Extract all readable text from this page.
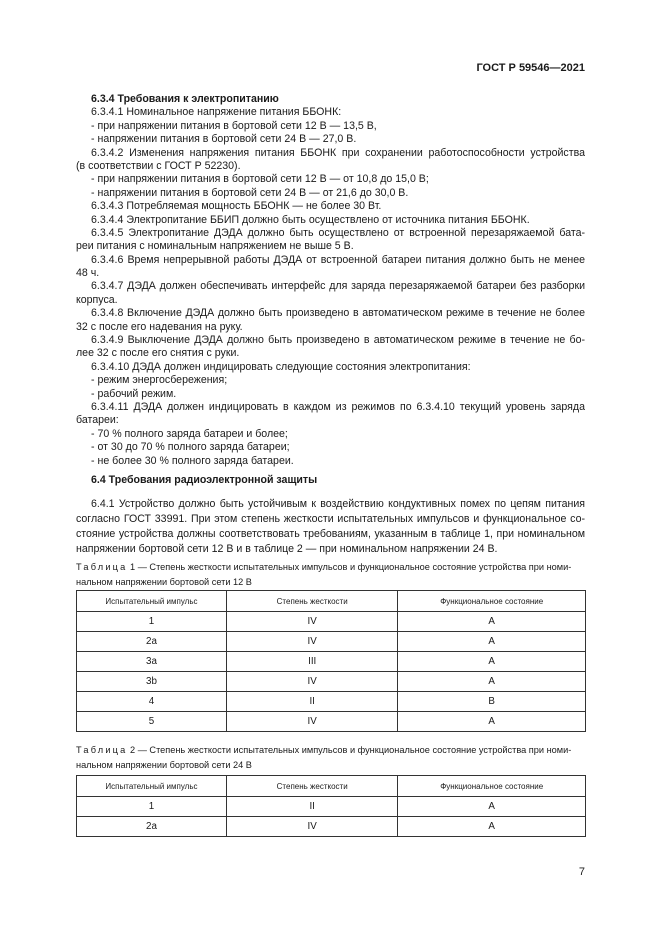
ГОСТ Р 59546—2021
6.3.4 Требования к электропитанию
6.3.4.1 Номинальное напряжение питания ББОНК:
- при напряжении питания в бортовой сети 12 В — 13,5 В,
- напряжении питания в бортовой сети 24 В — 27,0 В.
6.3.4.2 Изменения напряжения питания ББОНК при сохранении работоспособности устройства
(в соответствии с ГОСТ Р 52230).
- при напряжении питания в бортовой сети 12 В — от 10,8 до 15,0 В;
- напряжении питания в бортовой сети 24 В — от 21,6 до 30,0 В.
6.3.4.3 Потребляемая мощность ББОНК — не более 30 Вт.
6.3.4.4 Электропитание ББИП должно быть осуществлено от источника питания ББОНК.
6.3.4.5 Электропитание ДЭДА должно быть осуществлено от встроенной перезаряжаемой бата-
реи питания с номинальным напряжением не выше 5 В.
6.3.4.6 Время непрерывной работы ДЭДА от встроенной батареи питания должно быть не менее
48 ч.
6.3.4.7 ДЭДА должен обеспечивать интерфейс для заряда перезаряжаемой батареи без разборки
корпуса.
6.3.4.8 Включение ДЭДА должно быть произведено в автоматическом режиме в течение не более
32 с после его надевания на руку.
6.3.4.9 Выключение ДЭДА должно быть произведено в автоматическом режиме в течение не бо-
лее 32 с после его снятия с руки.
6.3.4.10 ДЭДА должен индицировать следующие состояния электропитания:
- режим энергосбережения;
- рабочий режим.
6.3.4.11 ДЭДА должен индицировать в каждом из режимов по 6.3.4.10 текущий уровень заряда
батареи:
- 70 % полного заряда батареи и более;
- от 30 до 70 % полного заряда батареи;
- не более 30 % полного заряда батареи.
6.4 Требования радиоэлектронной защиты
6.4.1 Устройство должно быть устойчивым к воздействию кондуктивных помех по цепям питания
согласно ГОСТ 33991. При этом степень жесткости испытательных импульсов и функциональное со-
стояние устройства должны соответствовать требованиям, указанным в таблице 1, при номинальном
напряжении бортовой сети 12 В и в таблице 2 — при номинальном напряжении 24 В.
Таблица 1 — Степень жесткости испытательных импульсов и функциональное состояние устройства при номи-
нальном напряжении бортовой сети 12 В
Испытательный импульс	Степень жесткости	Функциональное состояние
1	IV	A
2a	IV	A
3a	III	A
3b	IV	A
4	II	B
5	IV	A
Таблица 2 — Степень жесткости испытательных импульсов и функциональное состояние устройства при номи-
нальном напряжении бортовой сети 24 В
Испытательный импульс	Степень жесткости	Функциональное состояние
1	II	A
2a	IV	A
7
